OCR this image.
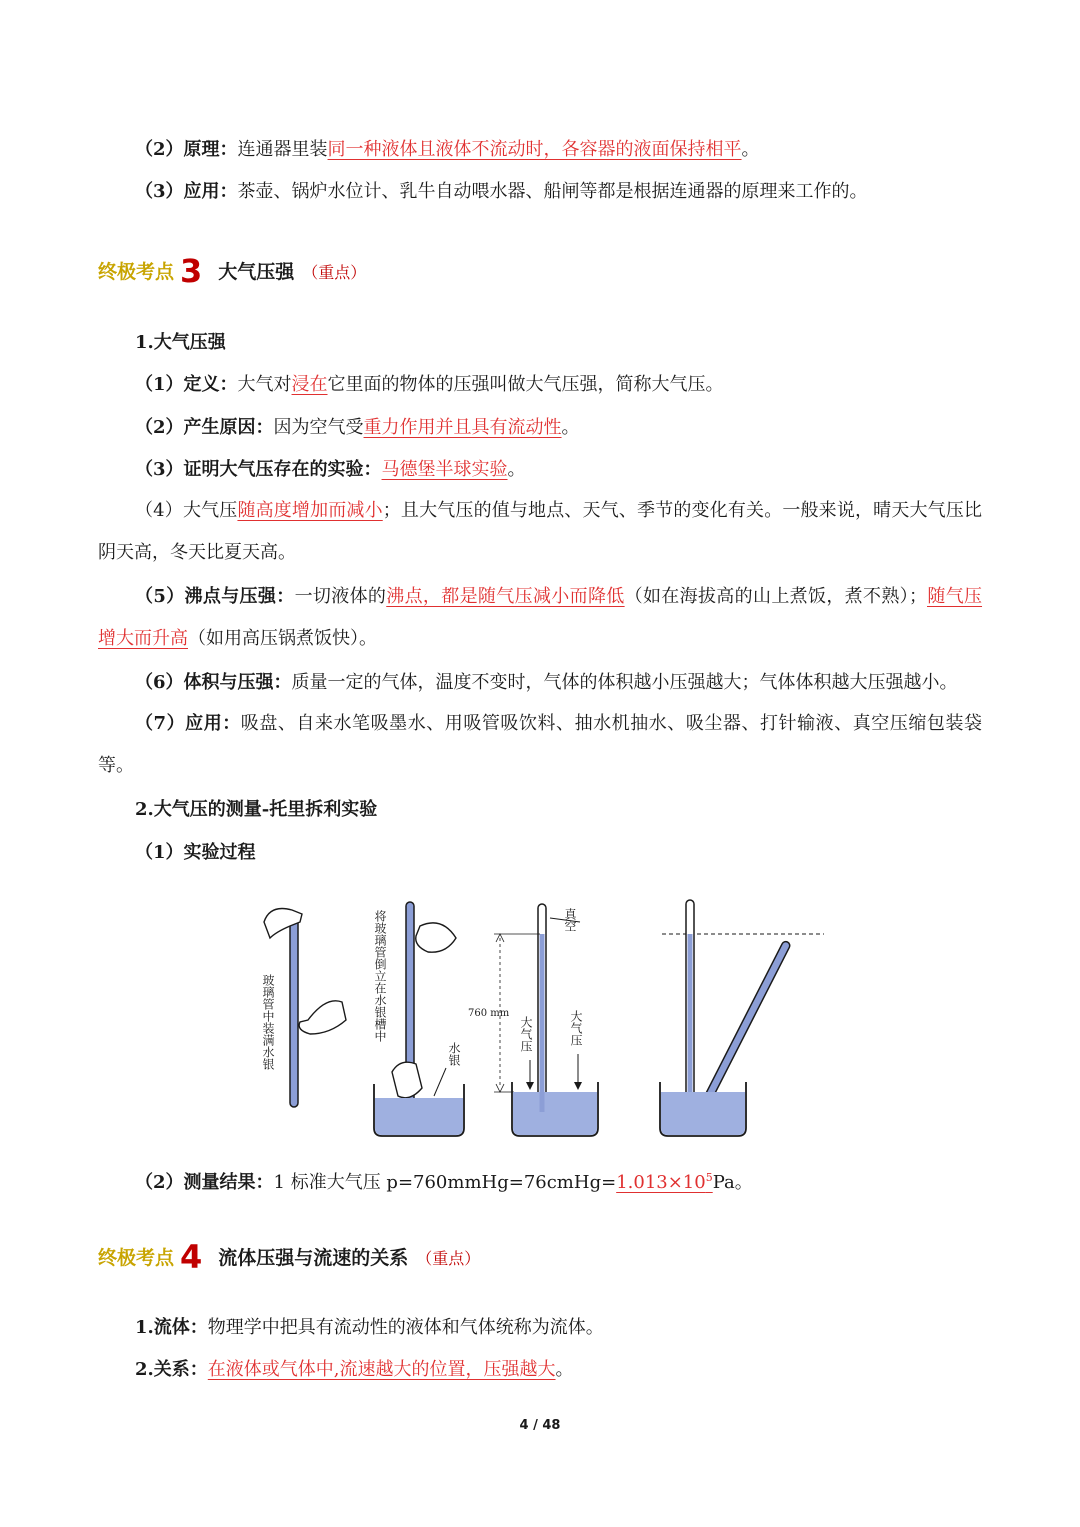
（2）原理：连通器里装同一种液体且液体不流动时，各容器的液面保持相平。
（3）应用：茶壶、锅炉水位计、乳牛自动喂水器、船闸等都是根据连通器的原理来工作的。
终极考点 3 大气压强 （重点）
1.大气压强
（1）定义：大气对浸在它里面的物体的压强叫做大气压强，简称大气压。
（2）产生原因：因为空气受重力作用并且具有流动性。
（3）证明大气压存在的实验：马德堡半球实验。
（4）大气压随高度增加而减小；且大气压的值与地点、天气、季节的变化有关。一般来说，晴天大气压比阴天高，冬天比夏天高。
（5）沸点与压强：一切液体的沸点，都是随气压减小而降低（如在海拔高的山上煮饭，煮不熟）；随气压增大而升高（如用高压锅煮饭快）。
（6）体积与压强：质量一定的气体，温度不变时，气体的体积越小压强越大；气体体积越大压强越小。
（7）应用：吸盘、自来水笔吸墨水、用吸管吸饮料、抽水机抽水、吸尘器、打针输液、真空压缩包装袋等。
2.大气压的测量-托里拆利实验
（1）实验过程
玻璃管中装满水银	将玻璃管倒立在水银槽中
水银
真空
760 mm
大气压	大气压
（2）测量结果：1 标准大气压 $p=760mmHg=76cmHg=1.013\times 10^5Pa$。
终极考点 4 流体压强与流速的关系 （重点）
1.流体：物理学中把具有流动性的液体和气体统称为流体。
2.关系：在液体或气体中,流速越大的位置，压强越大。
4 / 48
